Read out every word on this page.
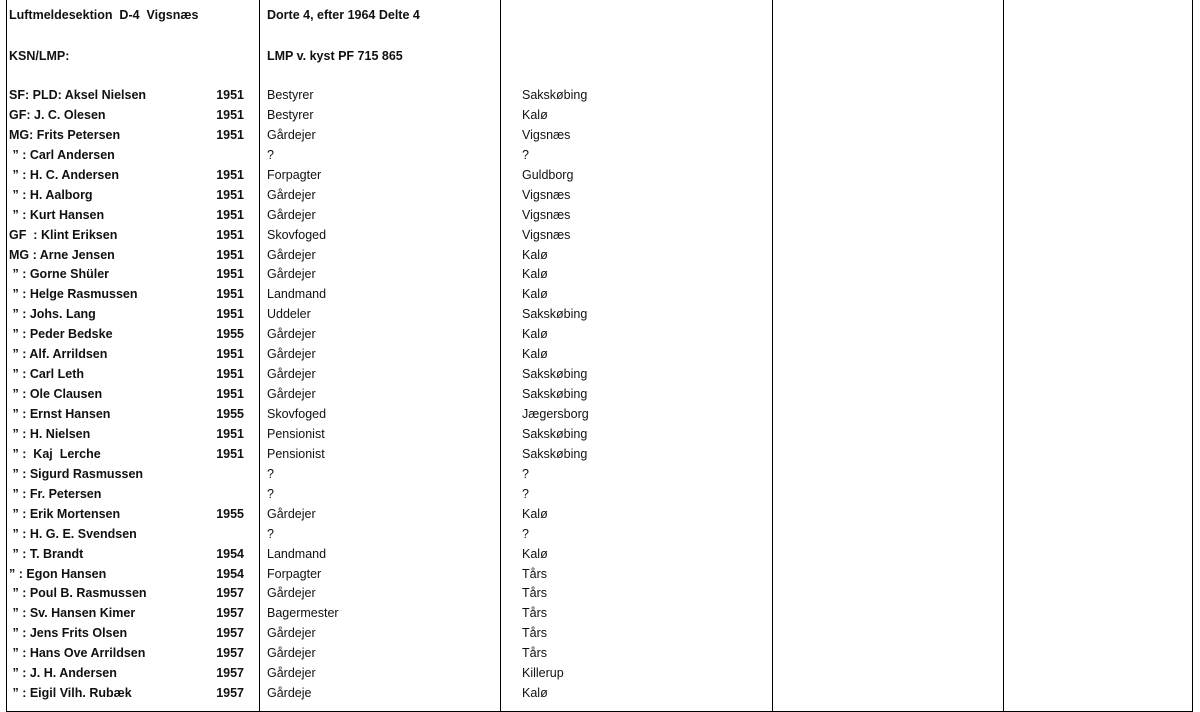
Luftmeldesektion  D-4  Vigsnæs	Dorte 4, efter 1964 Delte 4
KSN/LMP:	LMP v. kyst PF 715 865
SF: PLD: Aksel Nielsen	1951 Bestyrer	Sakskøbing
GF: J. C. Olesen	1951 Bestyrer	Kalø
MG: Frits Petersen	1951 Gårdejer	Vigsnæs
” : Carl Andersen	?	?
” : H. C. Andersen	1951 Forpagter	Guldborg
” : H. Aalborg	1951 Gårdejer	Vigsnæs
” : Kurt Hansen	1951 Gårdejer	Vigsnæs
GF  : Klint Eriksen	1951 Skovfoged	Vigsnæs
MG : Arne Jensen	1951 Gårdejer	Kalø
” : Gorne Shüler	1951 Gårdejer	Kalø
” : Helge Rasmussen	1951 Landmand	Kalø
” : Johs. Lang	1951 Uddeler	Sakskøbing
” : Peder Bedske	1955 Gårdejer	Kalø
” : Alf. Arrildsen	1951 Gårdejer	Kalø
” : Carl Leth	1951 Gårdejer	Sakskøbing
” : Ole Clausen	1951 Gårdejer	Sakskøbing
” : Ernst Hansen	1955 Skovfoged	Jægersborg
” : H. Nielsen	1951 Pensionist	Sakskøbing
” :  Kaj  Lerche	1951 Pensionist	Sakskøbing
” : Sigurd Rasmussen	?	?
” : Fr. Petersen	?	?
” : Erik Mortensen	1955 Gårdejer	Kalø
” : H. G. E. Svendsen	?	?
” : T. Brandt	1954 Landmand	Kalø
” : Egon Hansen	1954 Forpagter	Tårs
” : Poul B. Rasmussen	1957 Gårdejer	Tårs
” : Sv. Hansen Kimer	1957 Bagermester	Tårs
” : Jens Frits Olsen	1957 Gårdejer	Tårs
” : Hans Ove Arrildsen	1957 Gårdejer	Tårs
” : J. H. Andersen	1957 Gårdejer	Killerup
” : Eigil Vilh. Rubæk	1957 Gårdeje	Kalø
